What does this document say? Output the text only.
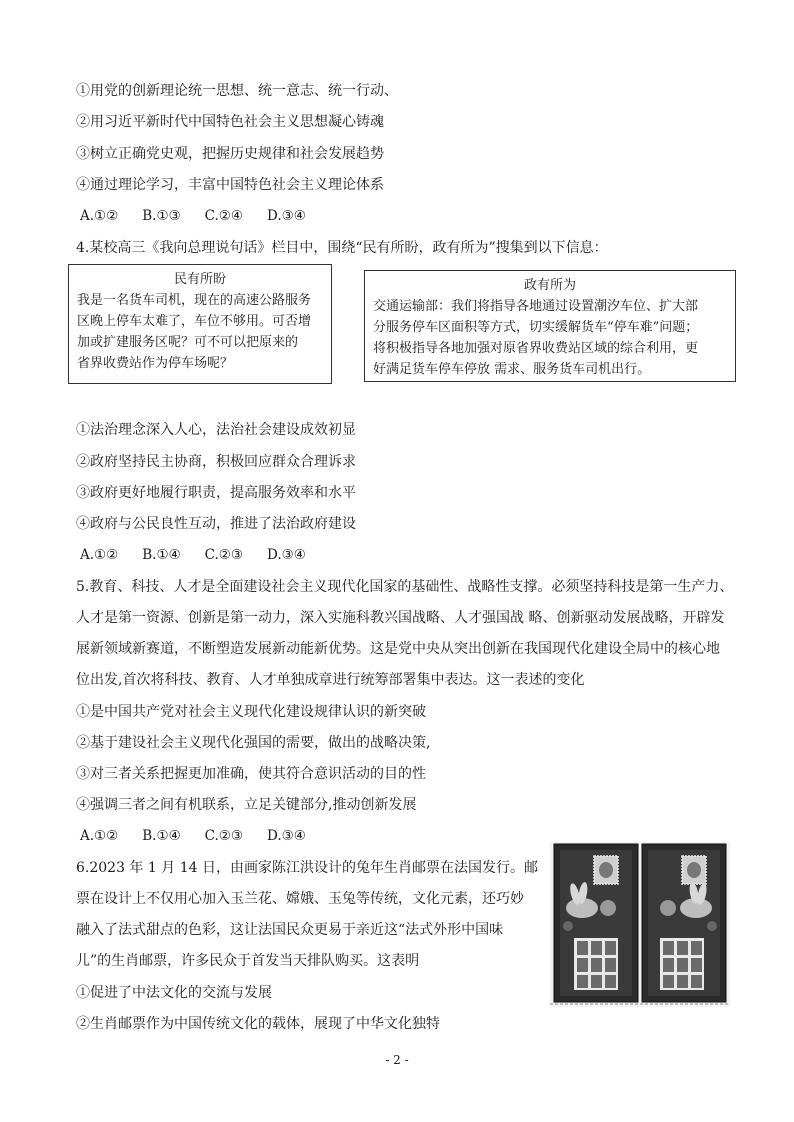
①用党的创新理论统一思想、统一意志、统一行动、
②用习近平新时代中国特色社会主义思想凝心铸魂
③树立正确党史观，把握历史规律和社会发展趋势
④通过理论学习，丰富中国特色社会主义理论体系
A.①② B.①③ C.②④ D.③④
4.某校高三《我向总理说句话》栏目中，围绕“民有所盼，政有所为”搜集到以下信息：
民有所盼
我是一名货车司机，现在的高速公路服务
区晚上停车太难了，车位不够用。可否增
加或扩建服务区呢？可不可以把原来的
省界收费站作为停车场呢？
政有所为
交通运输部：我们将指导各地通过设置潮汐车位、扩大部
分服务停车区面积等方式，切实缓解货车“停车难”问题；
将积极指导各地加强对原省界收费站区域的综合利用，更
好满足货车停车停放 需求、服务货车司机出行。
①法治理念深入人心，法治社会建设成效初显
②政府坚持民主协商，积极回应群众合理诉求
③政府更好地履行职责，提高服务效率和水平
④政府与公民良性互动，推进了法治政府建设
A.①② B.①④ C.②③ D.③④
5.教育、科技、人才是全面建设社会主义现代化国家的基础性、战略性支撑。必须坚持科技是第一生产力、
人才是第一资源、创新是第一动力，深入实施科教兴国战略、人才强国战 略、创新驱动发展战略，开辟发
展新领域新赛道，不断塑造发展新动能新优势。这是党中央从突出创新在我国现代化建设全局中的核心地
位出发,首次将科技、教育、人才单独成章进行统筹部署集中表达。这一表述的变化
①是中国共产党对社会主义现代化建设规律认识的新突破
②基于建设社会主义现代化强国的需要，做出的战略决策,
③对三者关系把握更加准确，使其符合意识活动的目的性
④强调三者之间有机联系，立足关键部分,推动创新发展
A.①② B.①④ C.②③ D.③④
6.2023 年 1 月 14 日，由画家陈江洪设计的兔年生肖邮票在法国发行。邮
票在设计上不仅用心加入玉兰花、嫦娥、玉兔等传统，文化元素，还巧妙
融入了法式甜点的色彩，这让法国民众更易于亲近这“法式外形中国味
儿”的生肖邮票，许多民众于首发当天排队购买。这表明
①促进了中法文化的交流与发展
②生肖邮票作为中国传统文化的载体，展现了中华文化独特
- 2 -
